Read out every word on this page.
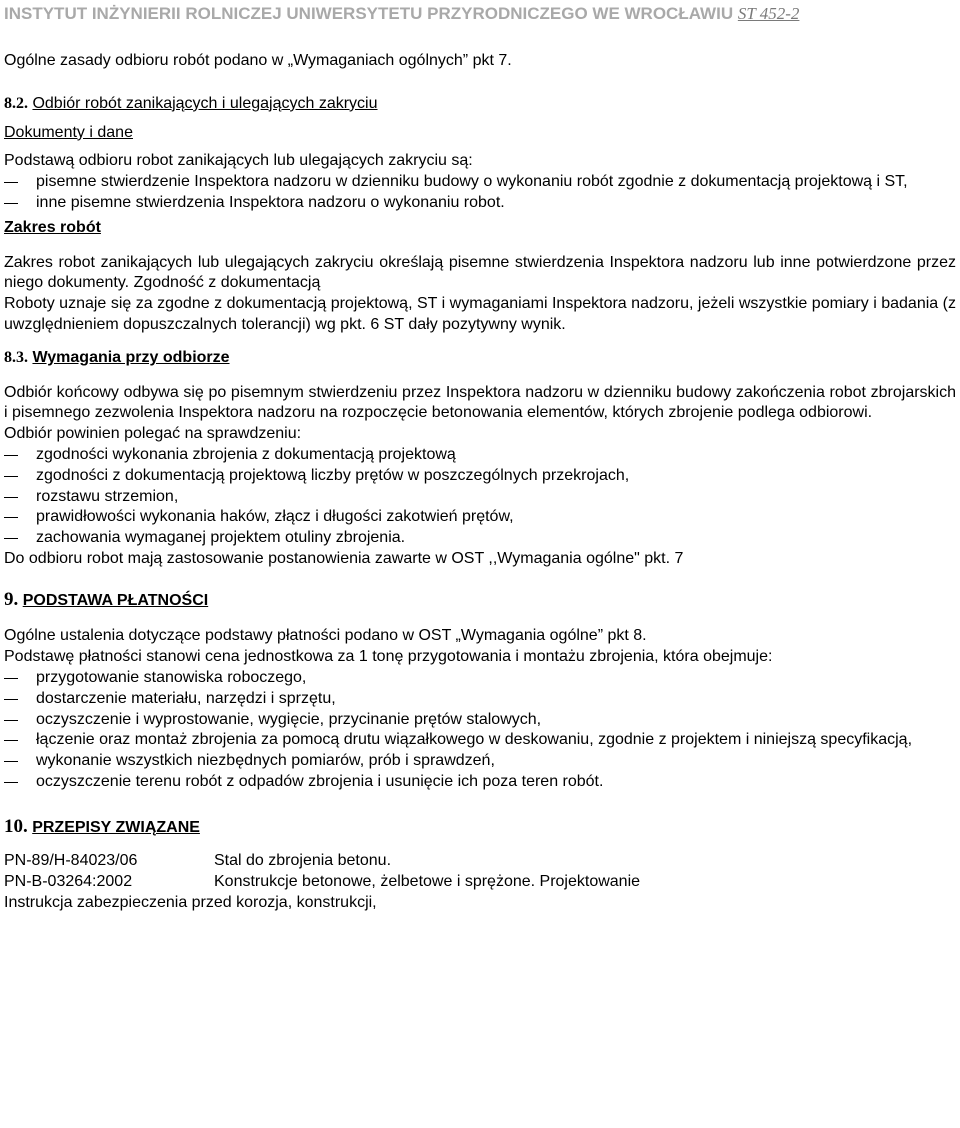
INSTYTUT INŻYNIERII ROLNICZEJ UNIWERSYTETU PRZYRODNICZEGO WE WROCŁAWIU ST 452-2

Ogólne zasady odbioru robót podano w „Wymaganiach ogólnych” pkt 7.

8.2. Odbiór robót zanikających i ulegających zakryciu

Dokumenty i dane

Podstawą odbioru robot zanikających lub ulegających zakryciu są:

pisemne stwierdzenie Inspektora nadzoru w dzienniku budowy o wykonaniu robót zgodnie z dokumentacją projektową i ST,
inne pisemne stwierdzenia Inspektora nadzoru o wykonaniu robot.

Zakres robót

Zakres robot zanikających lub ulegających zakryciu określają pisemne stwierdzenia Inspektora nadzoru lub inne potwierdzone przez niego dokumenty. Zgodność z dokumentacją

Roboty uznaje się za zgodne z dokumentacją projektową, ST i wymaganiami Inspektora nadzoru, jeżeli wszystkie pomiary i badania (z uwzględnieniem dopuszczalnych tolerancji) wg pkt. 6 ST dały pozytywny wynik.

8.3. Wymagania przy odbiorze

Odbiór końcowy odbywa się po pisemnym stwierdzeniu przez Inspektora nadzoru w dzienniku budowy zakończenia robot zbrojarskich i pisemnego zezwolenia Inspektora nadzoru na rozpoczęcie betonowania elementów, których zbrojenie podlega odbiorowi.

Odbiór powinien polegać na sprawdzeniu:

zgodności wykonania zbrojenia z dokumentacją projektową
zgodności z dokumentacją projektową liczby prętów w poszczególnych przekrojach,
rozstawu strzemion,
prawidłowości wykonania haków, złącz i długości zakotwień prętów,
zachowania wymaganej projektem otuliny zbrojenia.

Do odbioru robot mają zastosowanie postanowienia zawarte w OST ,,Wymagania ogólne" pkt. 7

9. PODSTAWA PŁATNOŚCI

Ogólne ustalenia dotyczące podstawy płatności podano w OST „Wymagania ogólne” pkt 8.

Podstawę płatności stanowi cena jednostkowa za 1 tonę przygotowania i montażu zbrojenia, która obejmuje:

przygotowanie stanowiska roboczego,
dostarczenie materiału, narzędzi i sprzętu,
oczyszczenie i wyprostowanie, wygięcie, przycinanie prętów stalowych,
łączenie oraz montaż zbrojenia za pomocą drutu wiązałkowego w deskowaniu, zgodnie z projektem i niniejszą specyfikacją,
wykonanie wszystkich niezbędnych pomiarów, prób i sprawdzeń,
oczyszczenie terenu robót z odpadów zbrojenia i usunięcie ich poza teren robót.

10. PRZEPISY ZWIĄZANE

PN-89/H-84023/06	Stal do zbrojenia betonu.
PN-B-03264:2002	Konstrukcje betonowe, żelbetowe i sprężone. Projektowanie

Instrukcja zabezpieczenia przed korozja, konstrukcji,
